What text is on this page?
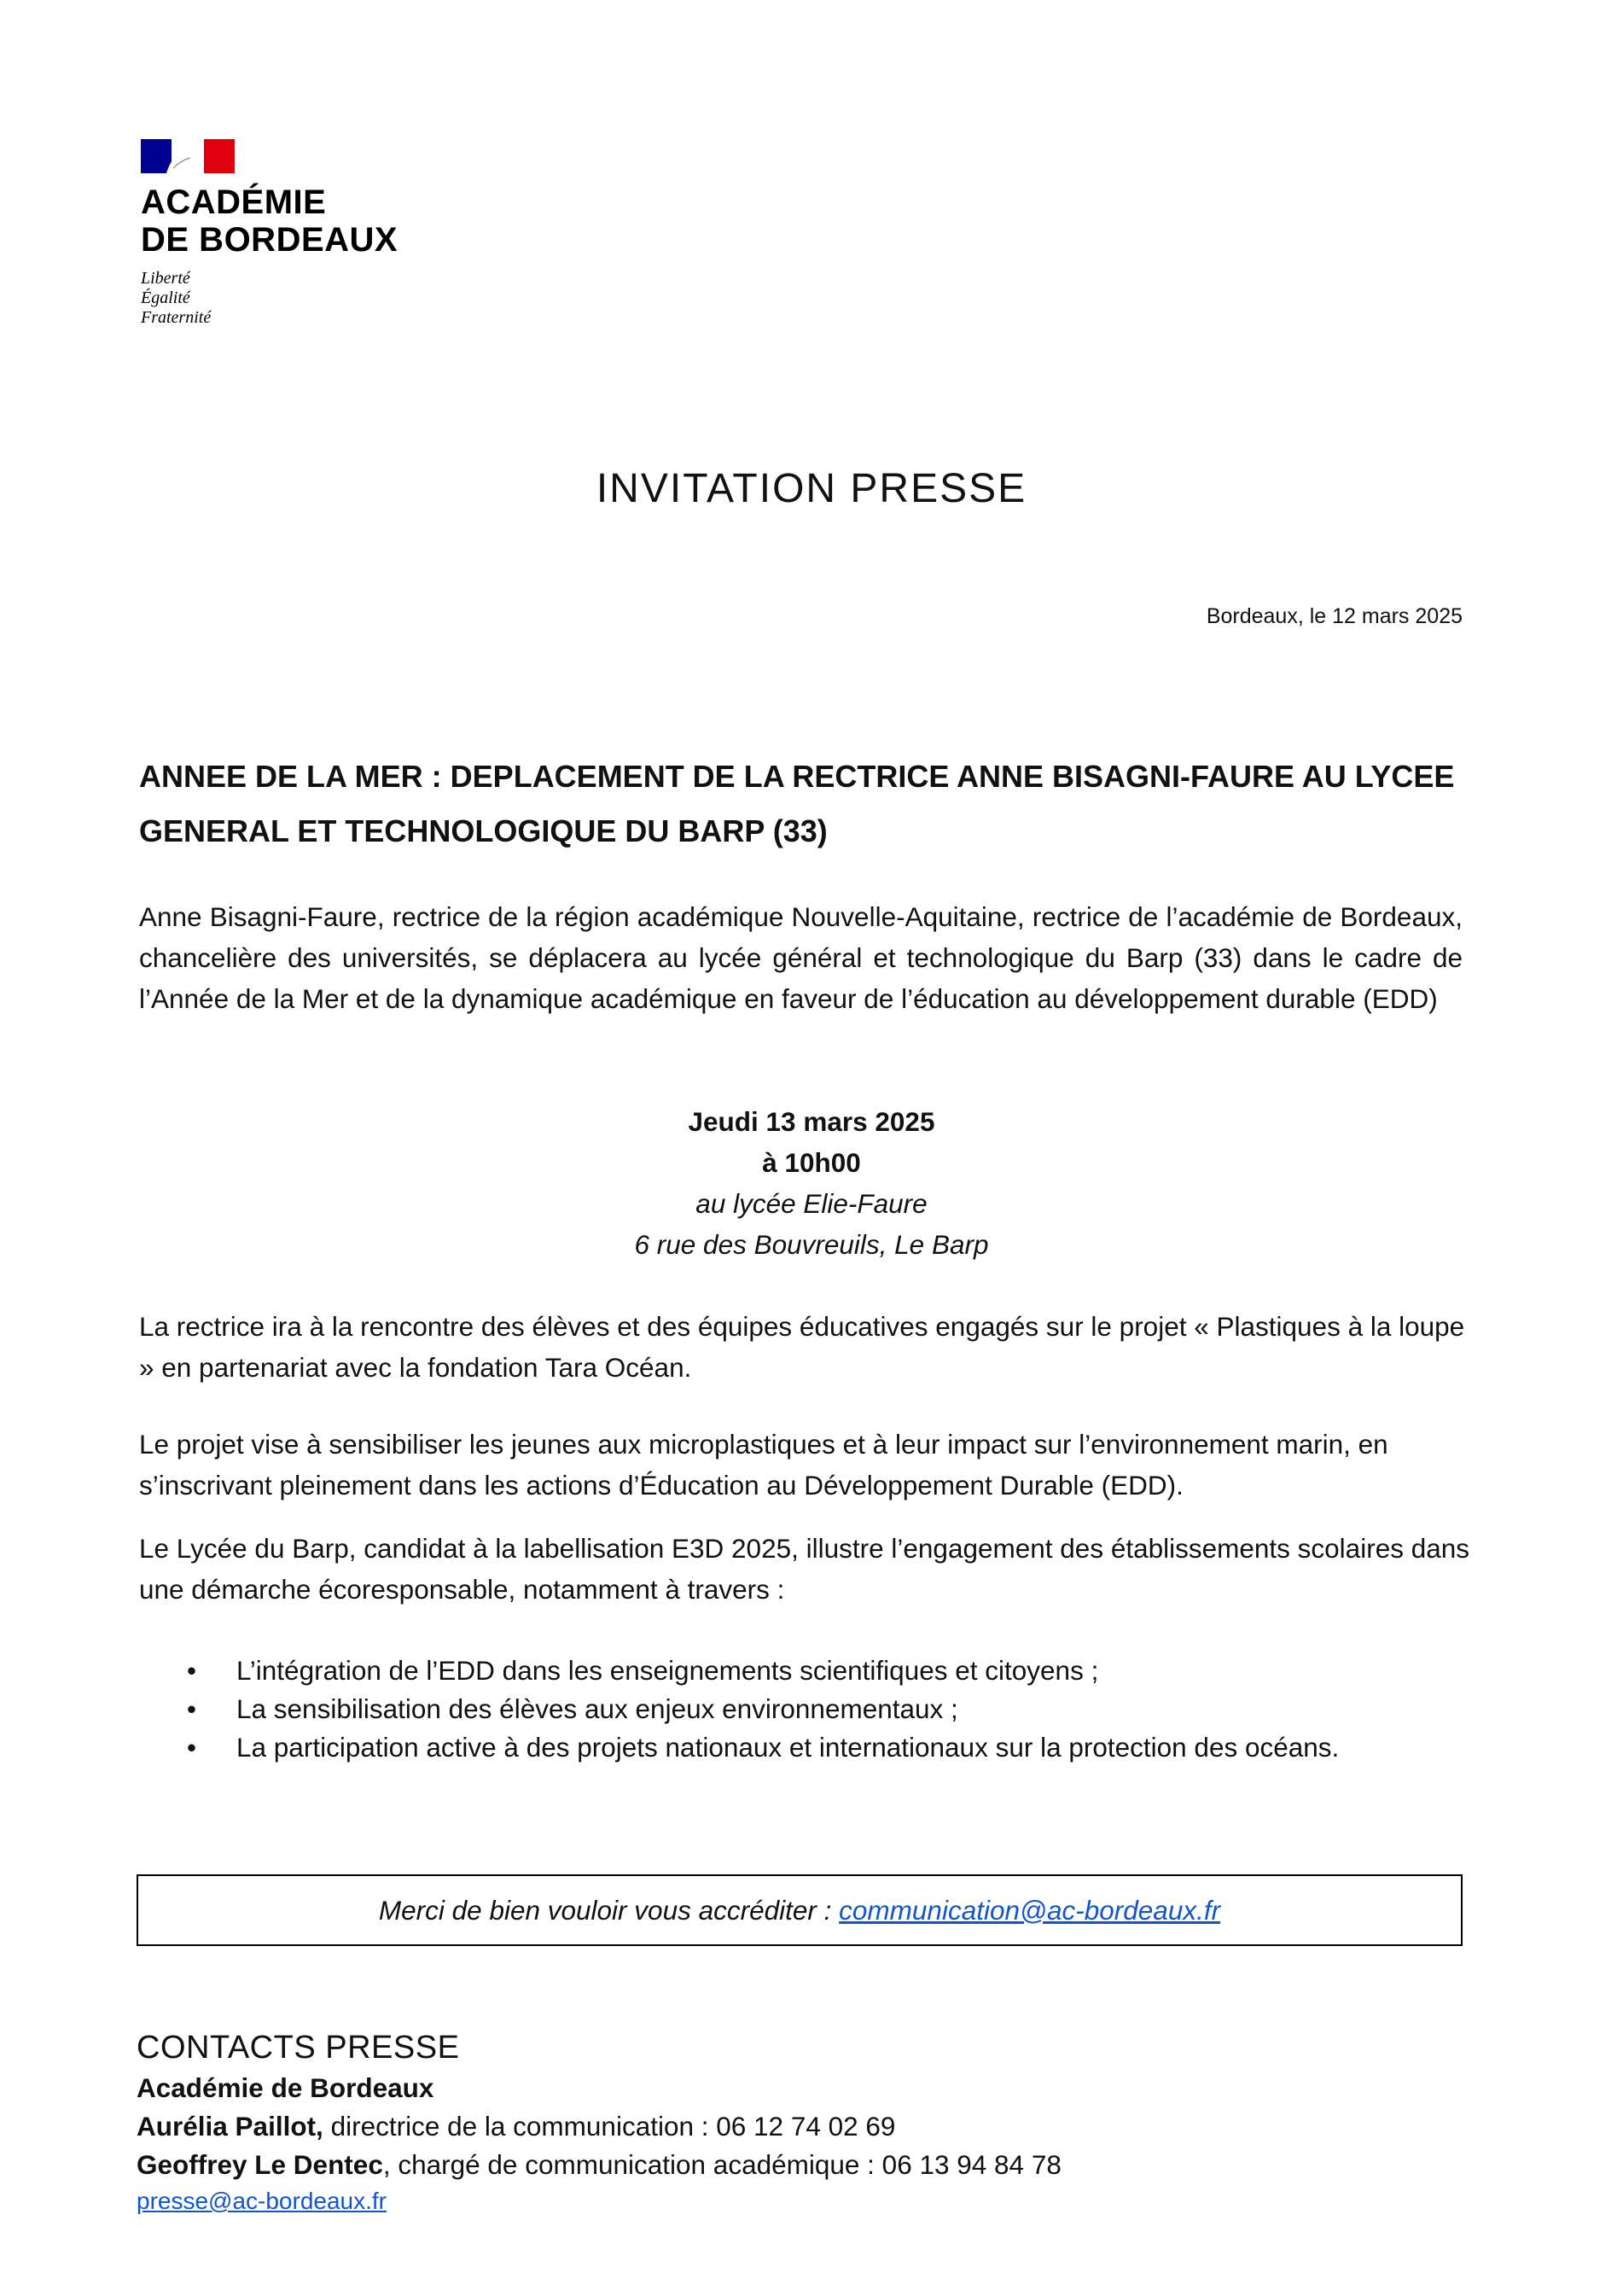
ACADÉMIE
DE BORDEAUX
Liberté
Égalité
Fraternité
INVITATION PRESSE
Bordeaux, le 12 mars 2025
ANNEE DE LA MER : DEPLACEMENT DE LA RECTRICE ANNE BISAGNI-FAURE AU LYCEE GENERAL ET TECHNOLOGIQUE DU BARP (33)
Anne Bisagni-Faure, rectrice de la région académique Nouvelle-Aquitaine, rectrice de l’académie de Bordeaux, chancelière des universités, se déplacera au lycée général et technologique du Barp (33) dans le cadre de l’Année de la Mer et de la dynamique académique en faveur de l’éducation au développement durable (EDD)
Jeudi 13 mars 2025
à 10h00
au lycée Elie-Faure
6 rue des Bouvreuils, Le Barp
La rectrice ira à la rencontre des élèves et des équipes éducatives engagés sur le projet « Plastiques à la loupe » en partenariat avec la fondation Tara Océan.
Le projet vise à sensibiliser les jeunes aux microplastiques et à leur impact sur l’environnement marin, en s’inscrivant pleinement dans les actions d’Éducation au Développement Durable (EDD).
Le Lycée du Barp, candidat à la labellisation E3D 2025, illustre l’engagement des établissements scolaires dans une démarche écoresponsable, notamment à travers :
• L’intégration de l’EDD dans les enseignements scientifiques et citoyens ;
• La sensibilisation des élèves aux enjeux environnementaux ;
• La participation active à des projets nationaux et internationaux sur la protection des océans.
Merci de bien vouloir vous accréditer : communication@ac-bordeaux.fr
CONTACTS PRESSE
Académie de Bordeaux
Aurélia Paillot, directrice de la communication : 06 12 74 02 69
Geoffrey Le Dentec, chargé de communication académique : 06 13 94 84 78
presse@ac-bordeaux.fr
